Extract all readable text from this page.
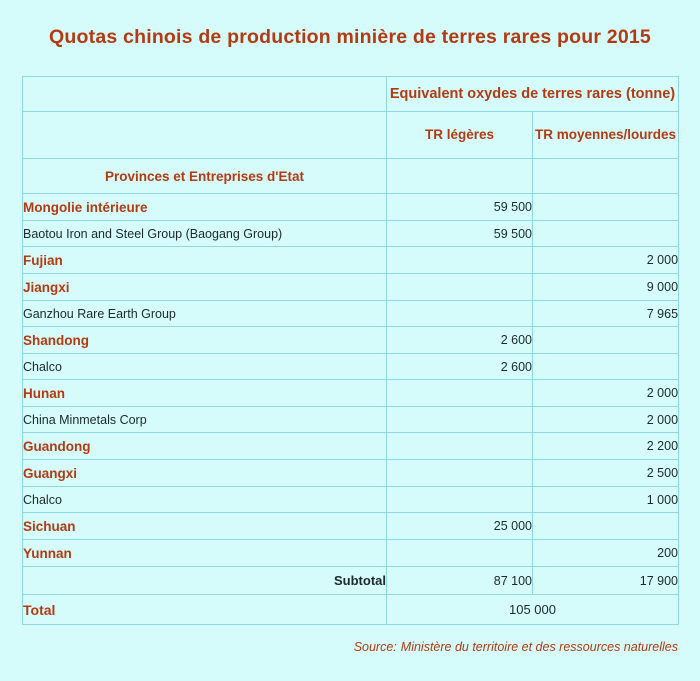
Quotas chinois de production minière de terres rares pour 2015
	Equivalent oxydes de terres rares (tonne)	
	TR légères	TR moyennes/lourdes
Provinces et Entreprises d'Etat		
Mongolie intérieure	59 500	
Baotou Iron and Steel Group (Baogang Group)	59 500	
Fujian		2 000
Jiangxi		9 000
Ganzhou Rare Earth Group		7 965
Shandong	2 600	
Chalco	2 600	
Hunan		2 000
China Minmetals Corp		2 000
Guandong		2 200
Guangxi		2 500
Chalco		1 000
Sichuan	25 000	
Yunnan		200
Subtotal	87 100	17 900
Total	105 000	
Source: Ministère du territoire et des ressources naturelles
